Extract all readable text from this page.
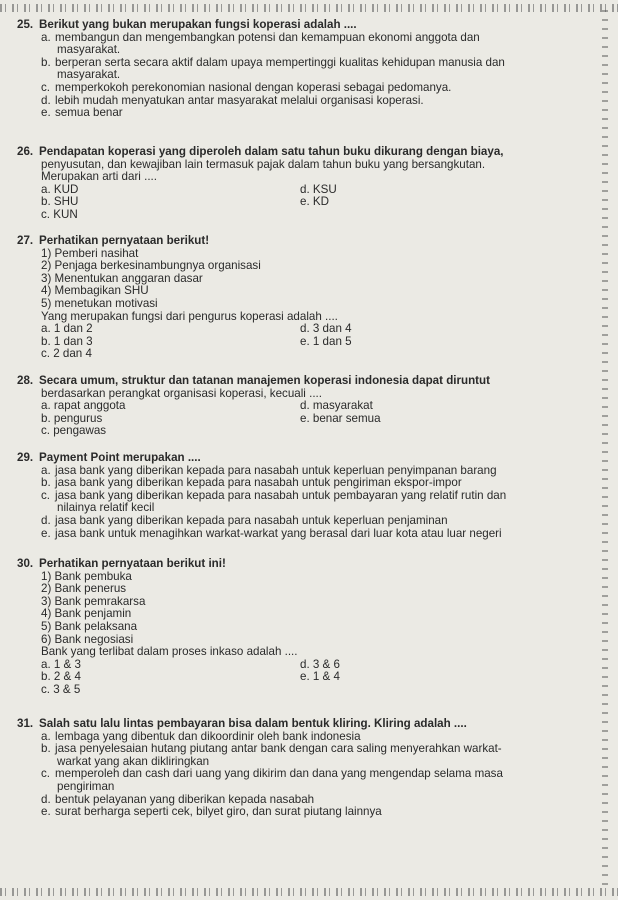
25. Berikut yang bukan merupakan fungsi koperasi adalah ....
a. membangun dan mengembangkan potensi dan kemampuan ekonomi anggota dan
masyarakat.
b. berperan serta secara aktif dalam upaya mempertinggi kualitas kehidupan manusia dan
masyarakat.
c. memperkokoh perekonomian nasional dengan koperasi sebagai pedomanya.
d. lebih mudah menyatukan antar masyarakat melalui organisasi koperasi.
e. semua benar
26. Pendapatan koperasi yang diperoleh dalam satu tahun buku dikurang dengan biaya,
penyusutan, dan kewajiban lain termasuk pajak dalam tahun buku yang bersangkutan.
Merupakan arti dari ....
a. KUD	d. KSU
b. SHU	e. KD
c. KUN
27. Perhatikan pernyataan berikut!
1) Pemberi nasihat
2) Penjaga berkesinambungnya organisasi
3) Menentukan anggaran dasar
4) Membagikan SHU
5) menetukan motivasi
Yang merupakan fungsi dari pengurus koperasi adalah ....
a. 1 dan 2	d. 3 dan 4
b. 1 dan 3	e. 1 dan 5
c. 2 dan 4
28. Secara umum, struktur dan tatanan manajemen koperasi indonesia dapat diruntut
berdasarkan perangkat organisasi koperasi, kecuali ....
a. rapat anggota	d. masyarakat
b. pengurus	e. benar semua
c. pengawas
29. Payment Point merupakan ....
a. jasa bank yang diberikan kepada para nasabah untuk keperluan penyimpanan barang
b. jasa bank yang diberikan kepada para nasabah untuk pengiriman ekspor-impor
c. jasa bank yang diberikan kepada para nasabah untuk pembayaran yang relatif rutin dan
nilainya relatif kecil
d. jasa bank yang diberikan kepada para nasabah untuk keperluan penjaminan
e. jasa bank untuk menagihkan warkat-warkat yang berasal dari luar kota atau luar negeri
30. Perhatikan pernyataan berikut ini!
1) Bank pembuka
2) Bank penerus
3) Bank pemrakarsa
4) Bank penjamin
5) Bank pelaksana
6) Bank negosiasi
Bank yang terlibat dalam proses inkaso adalah ....
a. 1 & 3	d. 3 & 6
b. 2 & 4	e. 1 & 4
c. 3 & 5
31. Salah satu lalu lintas pembayaran bisa dalam bentuk kliring. Kliring adalah ....
a. lembaga yang dibentuk dan dikoordinir oleh bank indonesia
b. jasa penyelesaian hutang piutang antar bank dengan cara saling menyerahkan warkat-
warkat yang akan dikliringkan
c. memperoleh dan cash dari uang yang dikirim dan dana yang mengendap selama masa
pengiriman
d. bentuk pelayanan yang diberikan kepada nasabah
e. surat berharga seperti cek, bilyet giro, dan surat piutang lainnya
